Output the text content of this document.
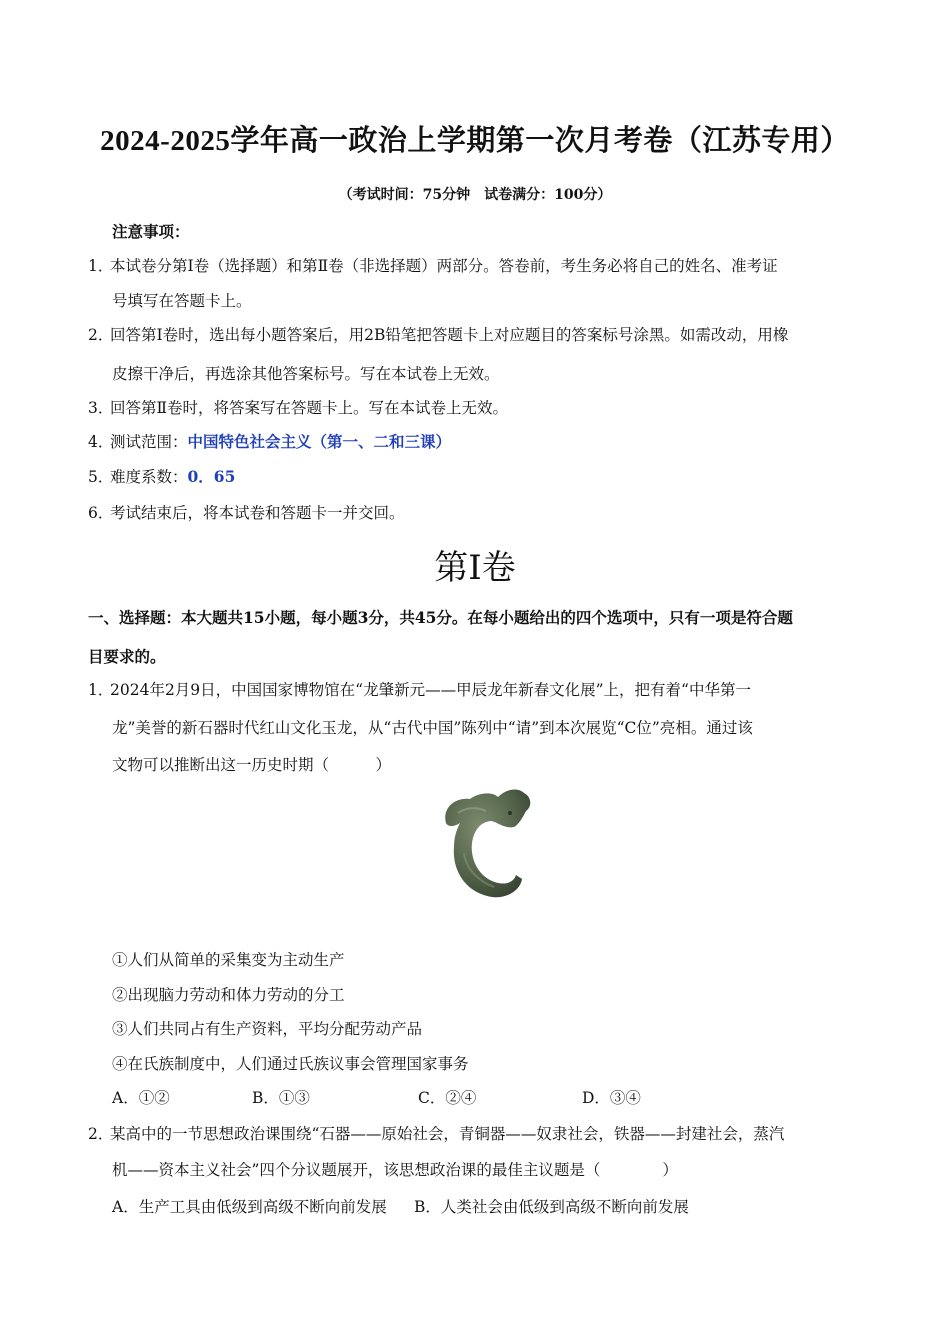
2024-2025学年高一政治上学期第一次月考卷（江苏专用）
（考试时间：75分钟　试卷满分：100分）
注意事项：
1．本试卷分第Ⅰ卷（选择题）和第Ⅱ卷（非选择题）两部分。答卷前，考生务必将自己的姓名、准考证
号填写在答题卡上。
2．回答第Ⅰ卷时，选出每小题答案后，用2B铅笔把答题卡上对应题目的答案标号涂黑。如需改动，用橡
皮擦干净后，再选涂其他答案标号。写在本试卷上无效。
3．回答第Ⅱ卷时，将答案写在答题卡上。写在本试卷上无效。
4．测试范围：中国特色社会主义（第一、二和三课）
5．难度系数：0．65
6．考试结束后，将本试卷和答题卡一并交回。
第Ⅰ卷
一、选择题：本大题共15小题，每小题3分，共45分。在每小题给出的四个选项中，只有一项是符合题
目要求的。
1．2024年2月9日，中国国家博物馆在“龙肇新元——甲辰龙年新春文化展”上，把有着“中华第一
龙”美誉的新石器时代红山文化玉龙，从“古代中国”陈列中“请”到本次展览“C位”亮相。通过该
文物可以推断出这一历史时期（　　　）
①人们从简单的采集变为主动生产
②出现脑力劳动和体力劳动的分工
③人们共同占有生产资料，平均分配劳动产品
④在氏族制度中，人们通过氏族议事会管理国家事务
A．①②	B．①③	C．②④	D．③④
2．某高中的一节思想政治课围绕“石器——原始社会，青铜器——奴隶社会，铁器——封建社会，蒸汽
机——资本主义社会”四个分议题展开，该思想政治课的最佳主议题是（　　　　）
A．生产工具由低级到高级不断向前发展 B．人类社会由低级到高级不断向前发展
